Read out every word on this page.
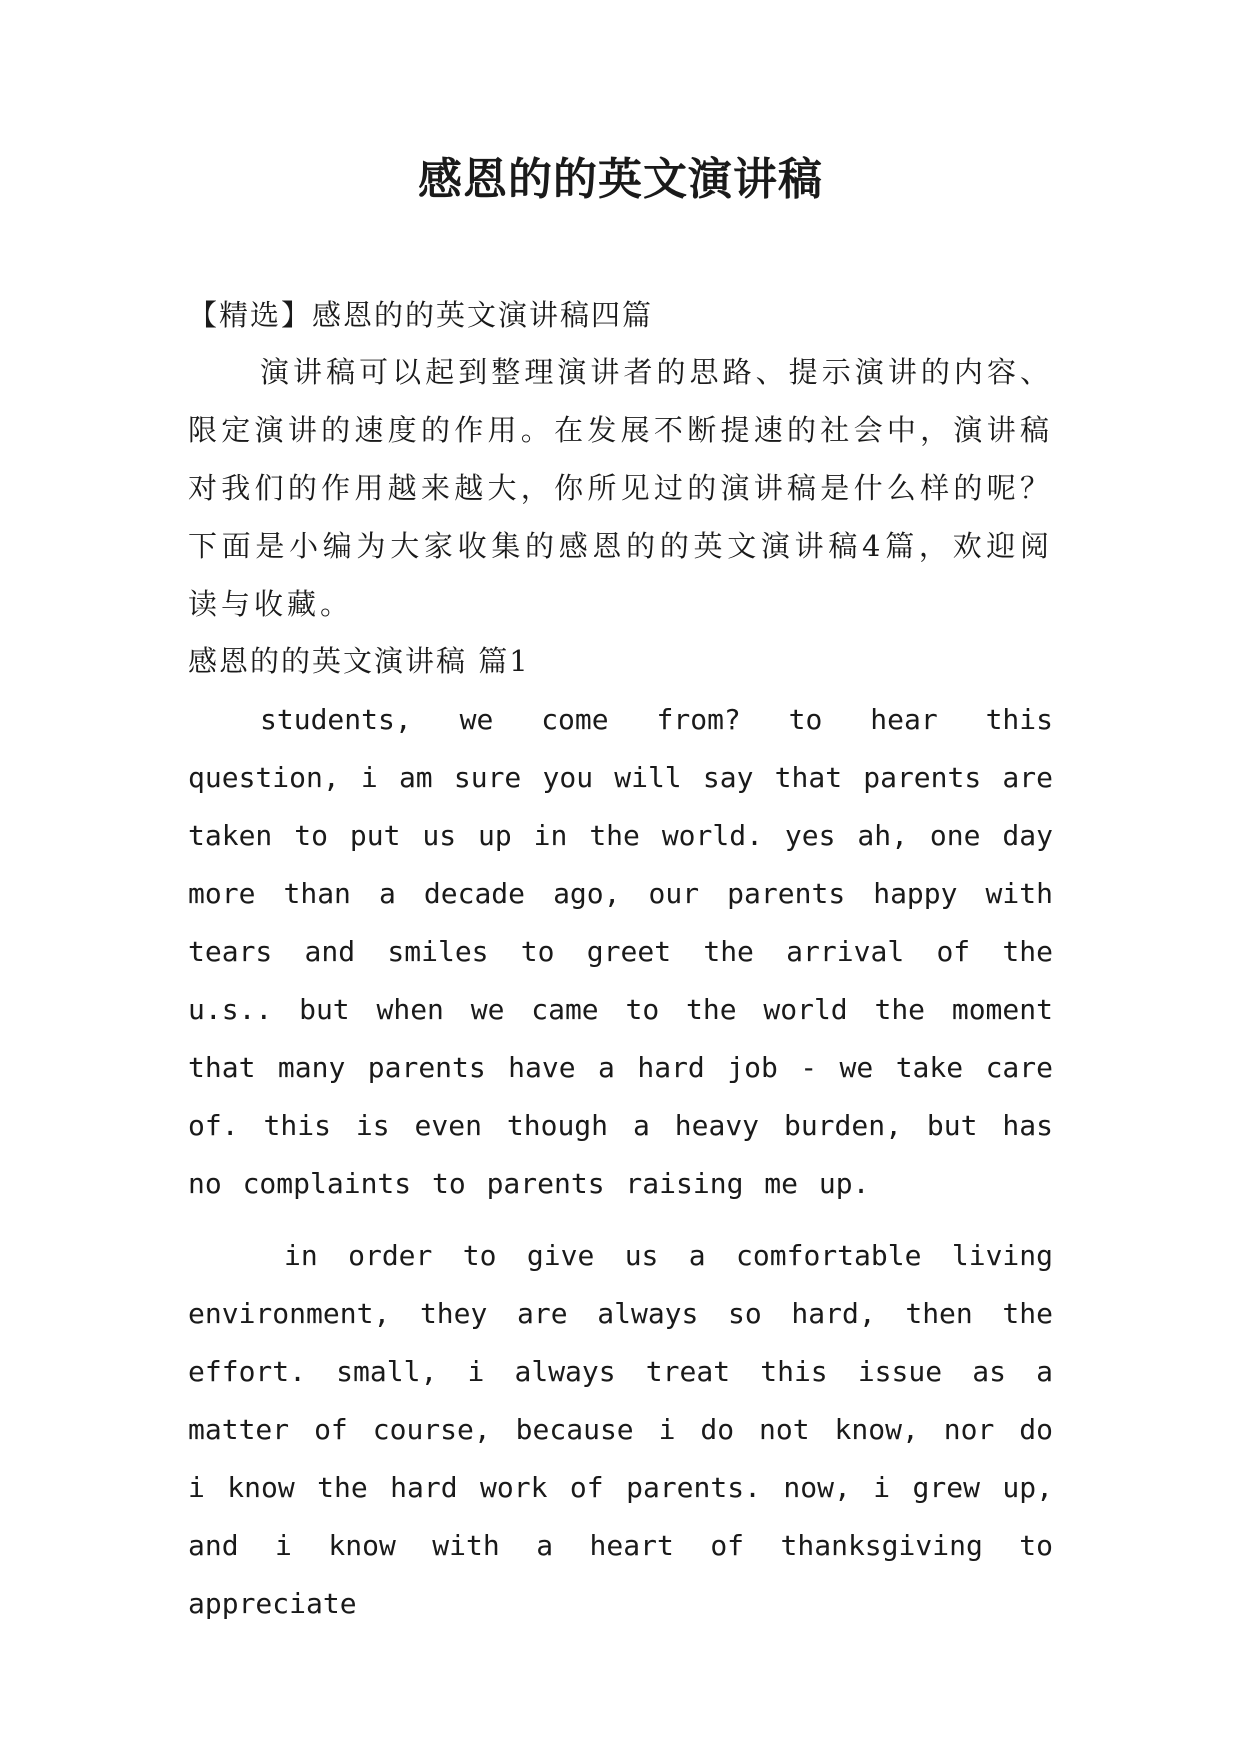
感恩的的英文演讲稿

【精选】感恩的的英文演讲稿四篇

演讲稿可以起到整理演讲者的思路、提示演讲的内容、限定演讲的速度的作用。在发展不断提速的社会中，演讲稿对我们的作用越来越大，你所见过的演讲稿是什么样的呢？下面是小编为大家收集的感恩的的英文演讲稿4篇，欢迎阅读与收藏。

感恩的的英文演讲稿 篇1

students, we come from? to hear this question, i am sure you will say that parents are taken to put us up in the world. yes ah, one day more than a decade ago, our parents happy with tears and smiles to greet the arrival of the u.s.. but when we came to the world the moment that many parents have a hard job - we take care of. this is even though a heavy burden, but has no complaints to parents raising me up.

in order to give us a comfortable living environment, they are always so hard, then the effort. small, i always treat this issue as a matter of course, because i do not know, nor do i know the hard work of parents. now, i grew up, and i know with a heart of thanksgiving to appreciate
